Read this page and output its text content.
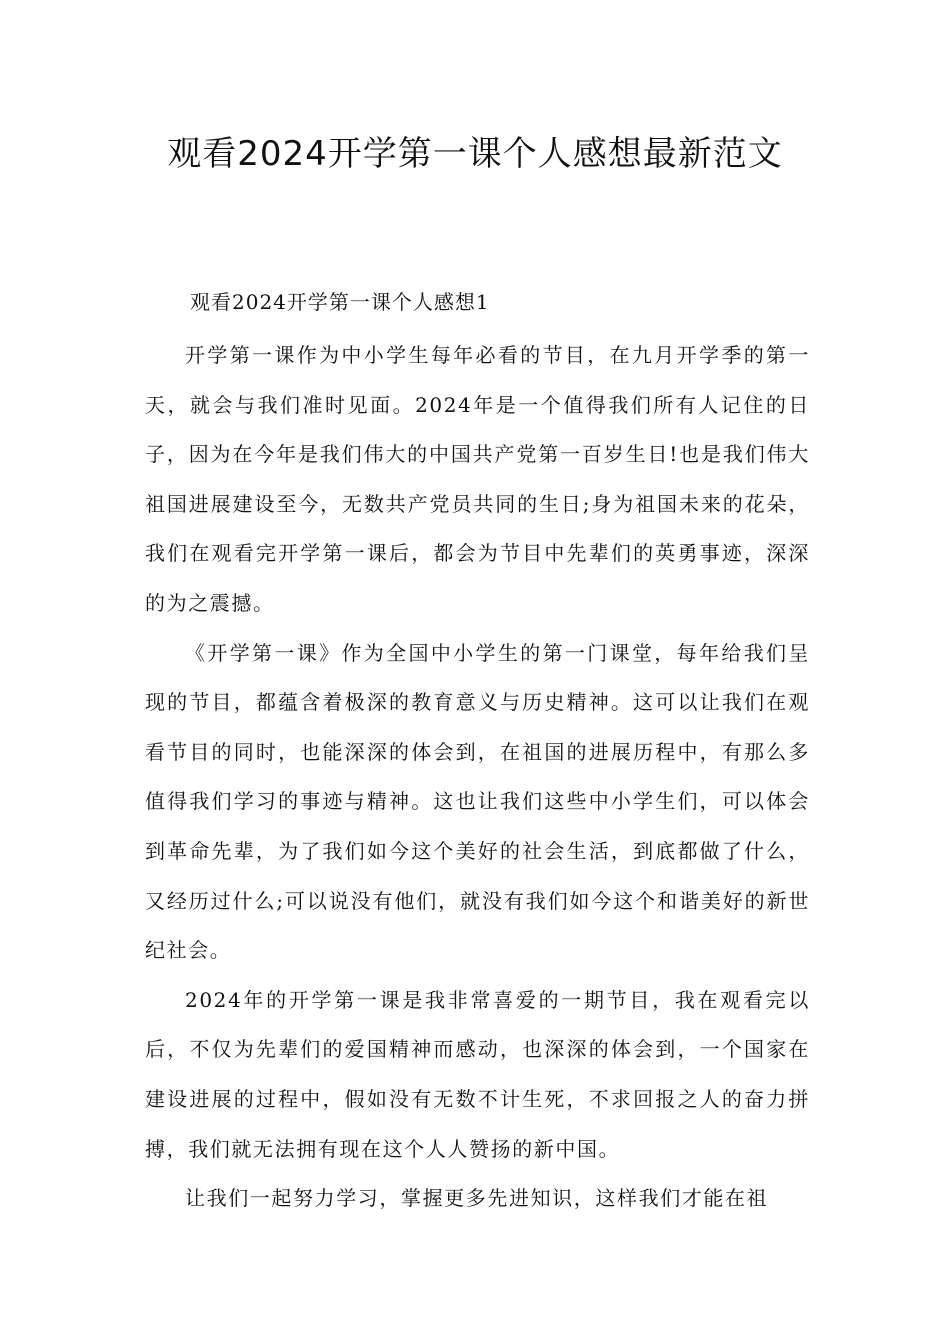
观看2024开学第一课个人感想最新范文

观看2024开学第一课个人感想1

开学第一课作为中小学生每年必看的节目，在九月开学季的第一天，就会与我们准时见面。2024年是一个值得我们所有人记住的日子，因为在今年是我们伟大的中国共产党第一百岁生日!也是我们伟大祖国进展建设至今，无数共产党员共同的生日;身为祖国未来的花朵，我们在观看完开学第一课后，都会为节目中先辈们的英勇事迹，深深的为之震撼。

《开学第一课》作为全国中小学生的第一门课堂，每年给我们呈现的节目，都蕴含着极深的教育意义与历史精神。这可以让我们在观看节目的同时，也能深深的体会到，在祖国的进展历程中，有那么多值得我们学习的事迹与精神。这也让我们这些中小学生们，可以体会到革命先辈，为了我们如今这个美好的社会生活，到底都做了什么，又经历过什么;可以说没有他们，就没有我们如今这个和谐美好的新世纪社会。

2024年的开学第一课是我非常喜爱的一期节目，我在观看完以后，不仅为先辈们的爱国精神而感动，也深深的体会到，一个国家在建设进展的过程中，假如没有无数不计生死，不求回报之人的奋力拼搏，我们就无法拥有现在这个人人赞扬的新中国。

让我们一起努力学习，掌握更多先进知识，这样我们才能在祖
